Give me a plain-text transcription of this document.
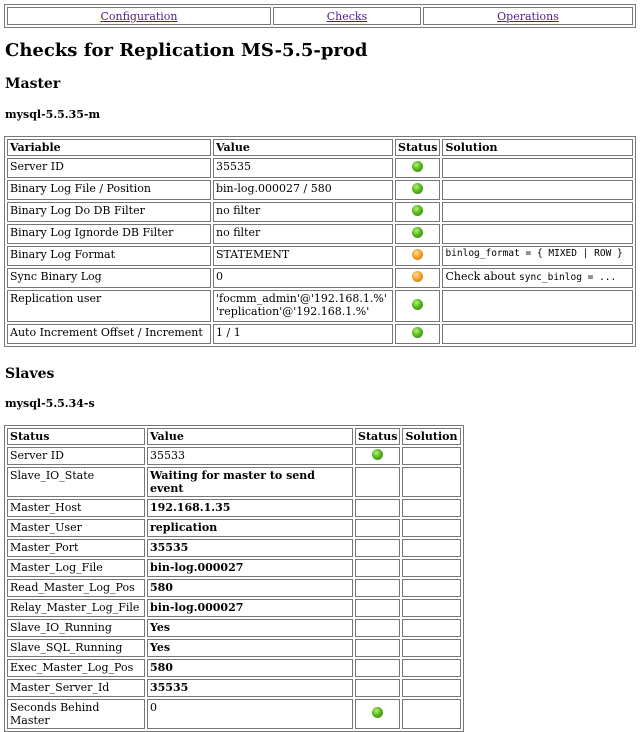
Configuration	Checks	Operations
Checks for Replication MS-5.5-prod
Master
mysql-5.5.35-m
Variable	Value	Status	Solution
Server ID	35535		
Binary Log File / Position	bin-log.000027 / 580		
Binary Log Do DB Filter	no filter		
Binary Log Ignorde DB Filter	no filter		
Binary Log Format	STATEMENT		binlog_format = { MIXED | ROW }
Sync Binary Log	0		Check about sync_binlog = ...
Replication user	'focmm_admin'@'192.168.1.%'
'replication'@'192.168.1.%'		

Auto Increment Offset / Increment	1 / 1		
Slaves
mysql-5.5.34-s
Status	Value	Status	Solution
Server ID	35533		
Slave_IO_State	Waiting for master to send event		
Master_Host	192.168.1.35		
Master_User	replication		
Master_Port	35535		
Master_Log_File	bin-log.000027		
Read_Master_Log_Pos	580		
Relay_Master_Log_File	bin-log.000027		
Slave_IO_Running	Yes		
Slave_SQL_Running	Yes		
Exec_Master_Log_Pos	580		
Master_Server_Id	35535		
Seconds Behind Master	0		
